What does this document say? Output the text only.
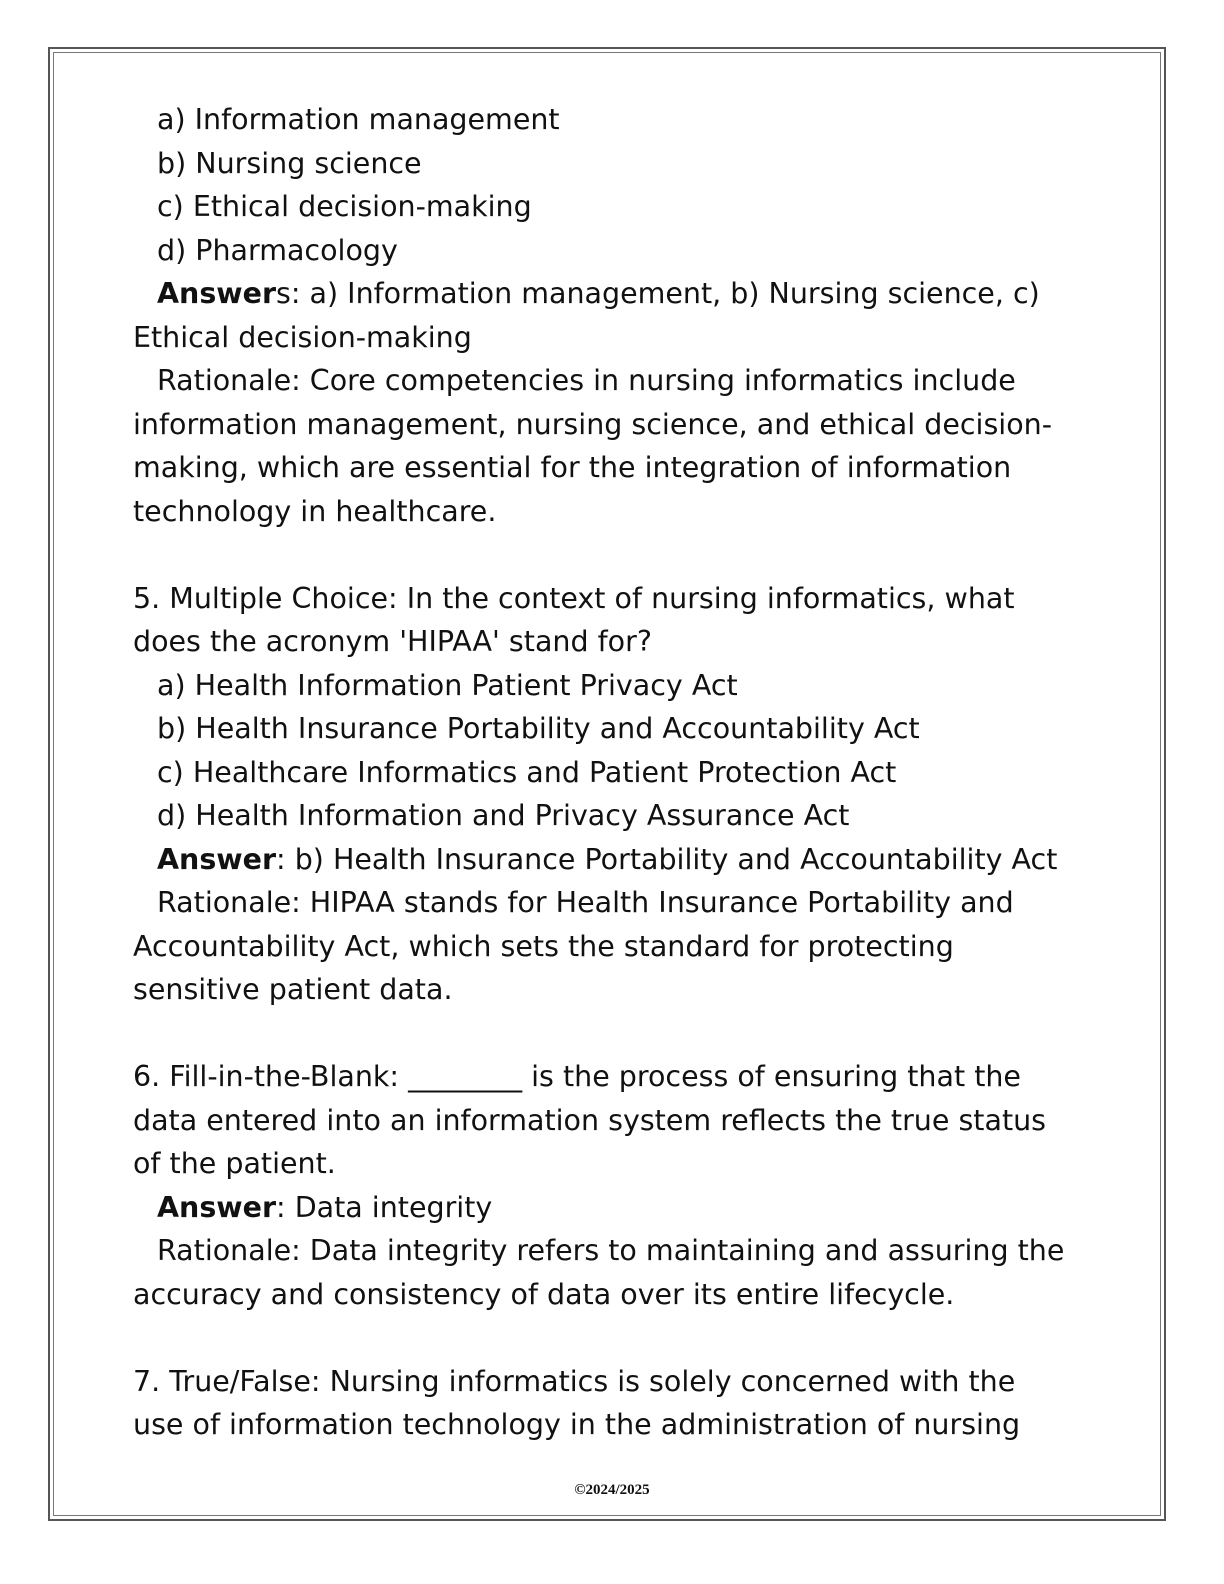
a) Information management
b) Nursing science
c) Ethical decision-making
d) Pharmacology
Answers: a) Information management, b) Nursing science, c)
Ethical decision-making
Rationale: Core competencies in nursing informatics include
information management, nursing science, and ethical decision-
making, which are essential for the integration of information
technology in healthcare.
5. Multiple Choice: In the context of nursing informatics, what
does the acronym 'HIPAA' stand for?
a) Health Information Patient Privacy Act
b) Health Insurance Portability and Accountability Act
c) Healthcare Informatics and Patient Protection Act
d) Health Information and Privacy Assurance Act
Answer: b) Health Insurance Portability and Accountability Act
Rationale: HIPAA stands for Health Insurance Portability and
Accountability Act, which sets the standard for protecting
sensitive patient data.
6. Fill-in-the-Blank: ________ is the process of ensuring that the
data entered into an information system reflects the true status
of the patient.
Answer: Data integrity
Rationale: Data integrity refers to maintaining and assuring the
accuracy and consistency of data over its entire lifecycle.
7. True/False: Nursing informatics is solely concerned with the
use of information technology in the administration of nursing
©2024/2025
